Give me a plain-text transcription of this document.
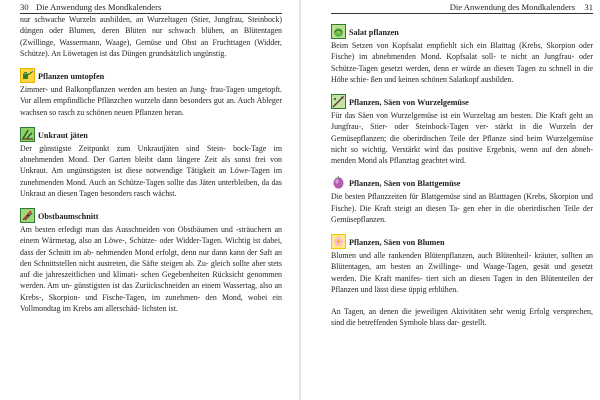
30 Die Anwendung des Mondkalenders

nur schwache Wurzeln ausbilden, an Wurzeltagen (Stier, Jungfrau, Steinbock) düngen oder Blumen, deren Blüten nur schwach blühen, an Blütentagen (Zwillinge, Wassermann, Waage), Gemüse und Obst an Fruchttagen (Widder, Schütze). An Löwetagen ist das Düngen grundsätzlich ungünstig.

Pflanzen umtopfen

Zimmer- und Balkonpflanzen werden am besten an Jung- frau-Tagen umgetopft. Vor allem empfindliche Pflänzchen wurzeln dann besonders gut an. Auch Ableger wachsen so rasch zu schönen neuen Pflanzen heran.

Unkraut jäten

Der günstigste Zeitpunkt zum Unkrautjäten sind Stein- bock-Tage im abnehmenden Mond. Der Garten bleibt dann längere Zeit als sonst frei von Unkraut. Am ungünstigsten ist diese notwendige Tätigkeit an Löwe-Tagen im zunehmenden Mond. Auch an Schütze-Tagen sollte das Jäten unterbleiben, da das Unkraut an diesen Tagen besonders rasch wächst.

Obstbaumschnitt

Am besten erledigt man das Ausschneiden von Obstbäumen und -sträuchern an einem Wärmetag, also an Löwe-, Schütze- oder Widder-Tagen. Wichtig ist dabei, dass der Schnitt im ab- nehmenden Mond erfolgt, denn nur dann kann der Saft an den Schnittstellen nicht austreten, die Säfte steigen ab. Zu- gleich sollte aber stets auf die jahreszeitlichen und klimati- schen Gegebenheiten Rücksicht genommen werden. Am un- günstigsten ist das Zurückschneiden an einem Wassertag, also an Krebs-, Skorpion- und Fische-Tagen, im zunehmen- den Mond, wobei ein Vollmondtag im Krebs am allerschäd- lichsten ist.

Die Anwendung des Mondkalenders 31
Salat pflanzen

Beim Setzen von Kopfsalat empfiehlt sich ein Blatttag (Krebs, Skorpion oder Fische) im abnehmenden Mond. Kopfsalat soll- te nicht an Jungfrau- oder Schütze-Tagen gesetzt werden, denn er würde an diesen Tagen zu schnell in die Höhe schie- ßen und keinen schönen Salatkopf ausbilden.

Pflanzen, Säen von Wurzelgemüse

Für das Säen von Wurzelgemüse ist ein Wurzeltag am besten. Die Kraft geht an Jungfrau-, Stier- oder Steinbock-Tagen ver- stärkt in die Wurzeln der Gemüsepflanzen; die oberirdischen Teile der Pflanze sind beim Wurzelgemüse nicht so wichtig. Verstärkt wird das positive Ergebnis, wenn auf den abneh- menden Mond als Pflanztag geachtet wird.

Pflanzen, Säen von Blattgemüse

Die besten Pflanzzeiten für Blattgemüse sind an Blatttagen (Krebs, Skorpion und Fische). Die Kraft steigt an diesen Ta- gen eher in die oberirdischen Teile der Gemüsepflanzen.

Pflanzen, Säen von Blumen

Blumen und alle rankenden Blütenpflanzen, auch Blütenheil- kräuter, sollten an Blütentagen, am besten an Zwillinge- und Waage-Tagen, gesät und gesetzt werden. Die Kraft manifes- tiert sich an diesen Tagen in den Blütenteilen der Pflanzen und lässt diese üppig erblühen.

An Tagen, an denen die jeweiligen Aktivitäten sehr wenig Erfolg versprechen, sind die betreffenden Symbole blass dar- gestellt.
